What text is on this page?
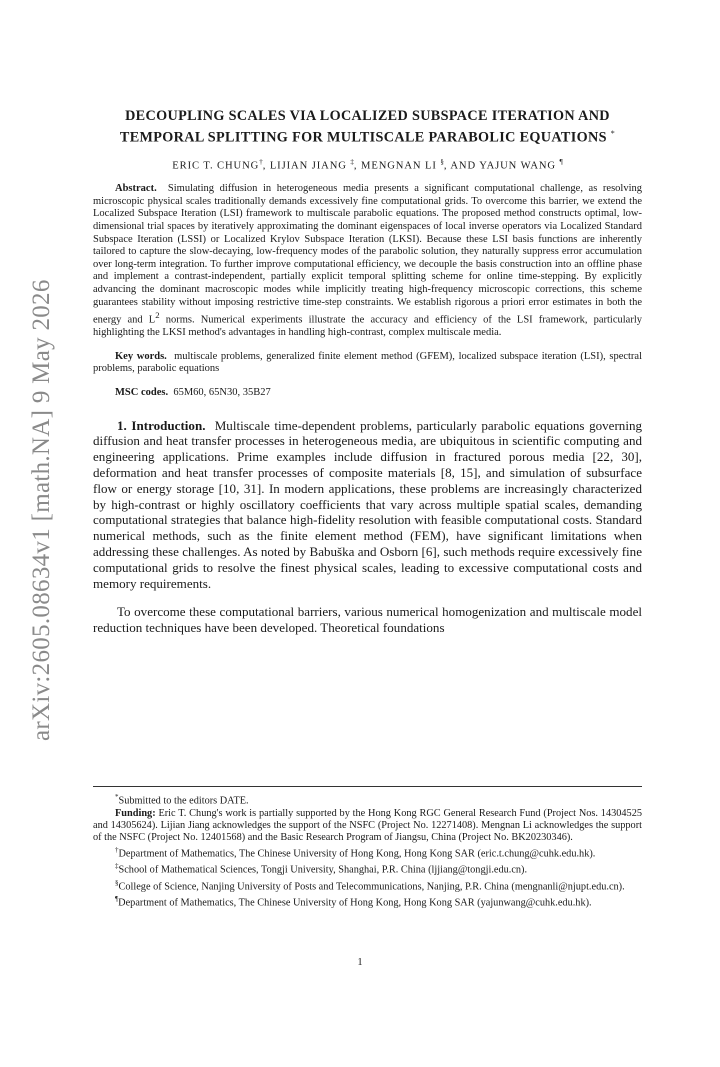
arXiv:2605.08634v1 [math.NA] 9 May 2026
DECOUPLING SCALES VIA LOCALIZED SUBSPACE ITERATION AND TEMPORAL SPLITTING FOR MULTISCALE PARABOLIC EQUATIONS *
ERIC T. CHUNG†, LIJIAN JIANG ‡, MENGNAN LI §, AND YAJUN WANG ¶

Abstract. Simulating diffusion in heterogeneous media presents a significant computational challenge, as resolving microscopic physical scales traditionally demands excessively fine computational grids. To overcome this barrier, we extend the Localized Subspace Iteration (LSI) framework to multiscale parabolic equations. The proposed method constructs optimal, low-dimensional trial spaces by iteratively approximating the dominant eigenspaces of local inverse operators via Localized Standard Subspace Iteration (LSSI) or Localized Krylov Subspace Iteration (LKSI). Because these LSI basis functions are inherently tailored to capture the slow-decaying, low-frequency modes of the parabolic solution, they naturally suppress error accumulation over long-term integration. To further improve computational efficiency, we decouple the basis construction into an offline phase and implement a contrast-independent, partially explicit temporal splitting scheme for online time-stepping. By explicitly advancing the dominant macroscopic modes while implicitly treating high-frequency microscopic corrections, this scheme guarantees stability without imposing restrictive time-step constraints. We establish rigorous a priori error estimates in both the energy and $L^2$ norms. Numerical experiments illustrate the accuracy and efficiency of the LSI framework, particularly highlighting the LKSI method's advantages in handling high-contrast, complex multiscale media.

Key words. multiscale problems, generalized finite element method (GFEM), localized subspace iteration (LSI), spectral problems, parabolic equations

MSC codes. 65M60, 65N30, 35B27

1. Introduction. Multiscale time-dependent problems, particularly parabolic equations governing diffusion and heat transfer processes in heterogeneous media, are ubiquitous in scientific computing and engineering applications. Prime examples include diffusion in fractured porous media [22, 30], deformation and heat transfer processes of composite materials [8, 15], and simulation of subsurface flow or energy storage [10, 31]. In modern applications, these problems are increasingly characterized by high-contrast or highly oscillatory coefficients that vary across multiple spatial scales, demanding computational strategies that balance high-fidelity resolution with feasible computational costs. Standard numerical methods, such as the finite element method (FEM), have significant limitations when addressing these challenges. As noted by Babuška and Osborn [6], such methods require excessively fine computational grids to resolve the finest physical scales, leading to excessive computational costs and memory requirements.

To overcome these computational barriers, various numerical homogenization and multiscale model reduction techniques have been developed. Theoretical foundations

*Submitted to the editors DATE.

Funding: Eric T. Chung's work is partially supported by the Hong Kong RGC General Research Fund (Project Nos. 14304525 and 14305624). Lijian Jiang acknowledges the support of the NSFC (Project No. 12271408). Mengnan Li acknowledges the support of the NSFC (Project No. 12401568) and the Basic Research Program of Jiangsu, China (Project No. BK20230346).

†Department of Mathematics, The Chinese University of Hong Kong, Hong Kong SAR (eric.t.chung@cuhk.edu.hk).

‡School of Mathematical Sciences, Tongji University, Shanghai, P.R. China (ljjiang@tongji.edu.cn).

§College of Science, Nanjing University of Posts and Telecommunications, Nanjing, P.R. China (mengnanli@njupt.edu.cn).

¶Department of Mathematics, The Chinese University of Hong Kong, Hong Kong SAR (yajunwang@cuhk.edu.hk).

1
